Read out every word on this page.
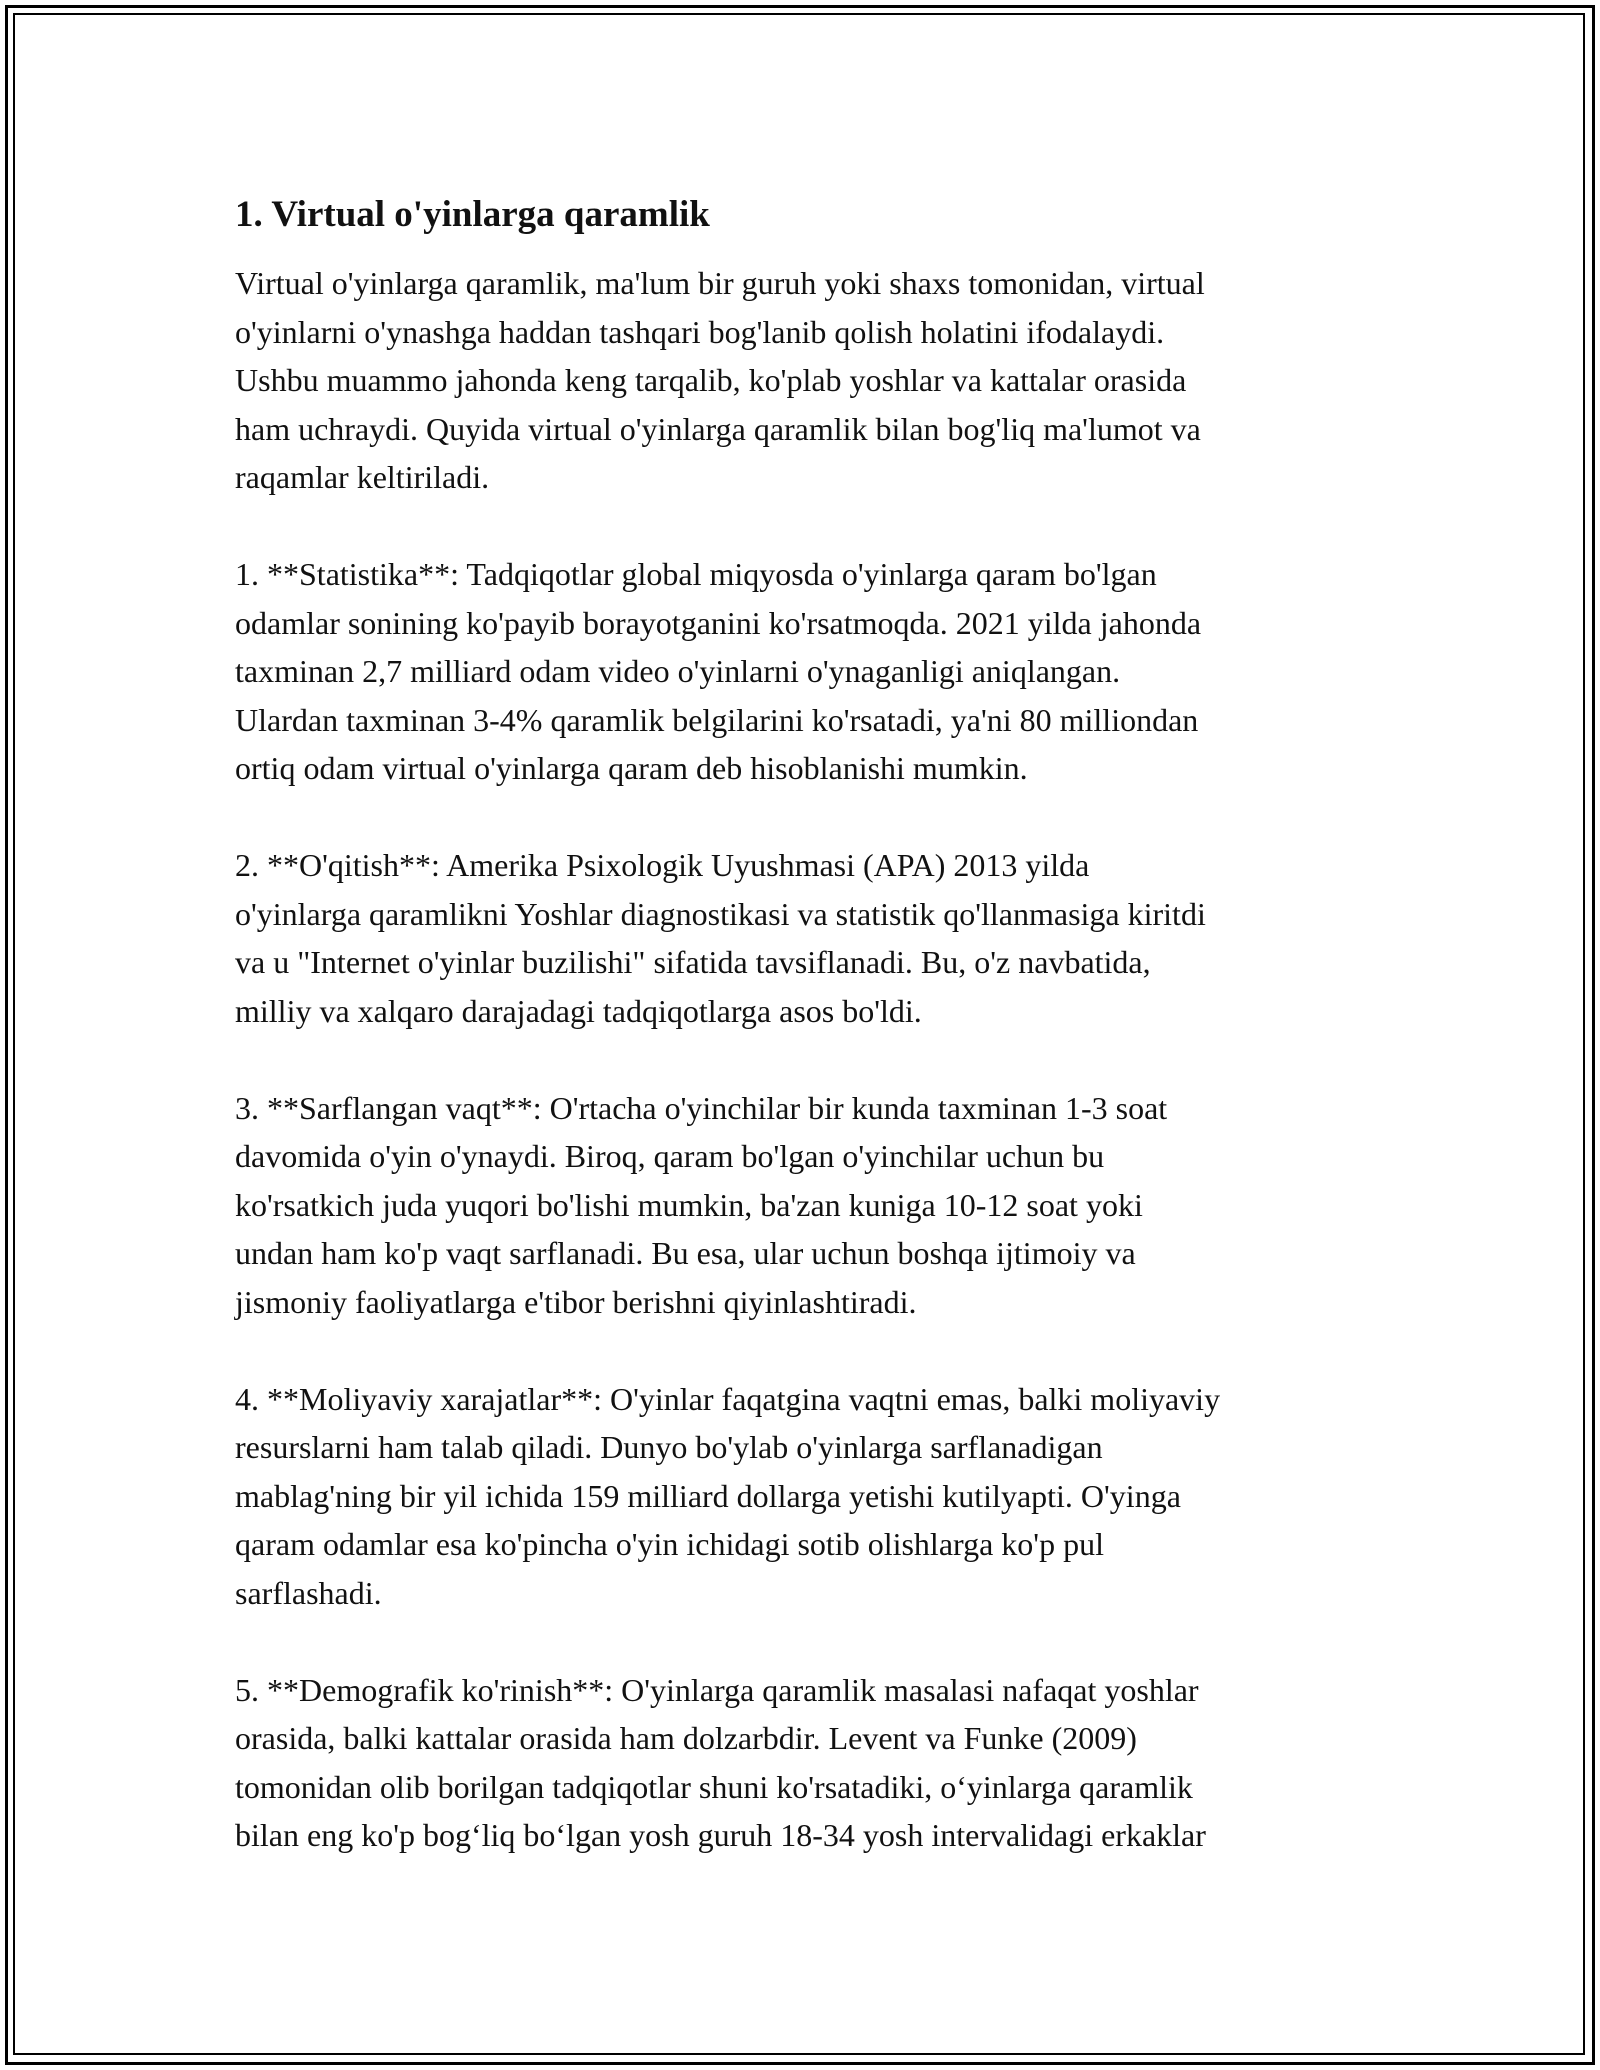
1. Virtual o'yinlarga qaramlik
Virtual o'yinlarga qaramlik, ma'lum bir guruh yoki shaxs tomonidan, virtual
o'yinlarni o'ynashga haddan tashqari bog'lanib qolish holatini ifodalaydi.
Ushbu muammo jahonda keng tarqalib, ko'plab yoshlar va kattalar orasida
ham uchraydi. Quyida virtual o'yinlarga qaramlik bilan bog'liq ma'lumot va
raqamlar keltiriladi.
1. **Statistika**: Tadqiqotlar global miqyosda o'yinlarga qaram bo'lgan
odamlar sonining ko'payib borayotganini ko'rsatmoqda. 2021 yilda jahonda
taxminan 2,7 milliard odam video o'yinlarni o'ynaganligi aniqlangan.
Ulardan taxminan 3-4% qaramlik belgilarini ko'rsatadi, ya'ni 80 milliondan
ortiq odam virtual o'yinlarga qaram deb hisoblanishi mumkin.
2. **O'qitish**: Amerika Psixologik Uyushmasi (APA) 2013 yilda
o'yinlarga qaramlikni Yoshlar diagnostikasi va statistik qo'llanmasiga kiritdi
va u "Internet o'yinlar buzilishi" sifatida tavsiflanadi. Bu, o'z navbatida,
milliy va xalqaro darajadagi tadqiqotlarga asos bo'ldi.
3. **Sarflangan vaqt**: O'rtacha o'yinchilar bir kunda taxminan 1-3 soat
davomida o'yin o'ynaydi. Biroq, qaram bo'lgan o'yinchilar uchun bu
ko'rsatkich juda yuqori bo'lishi mumkin, ba'zan kuniga 10-12 soat yoki
undan ham ko'p vaqt sarflanadi. Bu esa, ular uchun boshqa ijtimoiy va
jismoniy faoliyatlarga e'tibor berishni qiyinlashtiradi.
4. **Moliyaviy xarajatlar**: O'yinlar faqatgina vaqtni emas, balki moliyaviy
resurslarni ham talab qiladi. Dunyo bo'ylab o'yinlarga sarflanadigan
mablag'ning bir yil ichida 159 milliard dollarga yetishi kutilyapti. O'yinga
qaram odamlar esa ko'pincha o'yin ichidagi sotib olishlarga ko'p pul
sarflashadi.
5. **Demografik ko'rinish**: O'yinlarga qaramlik masalasi nafaqat yoshlar
orasida, balki kattalar orasida ham dolzarbdir. Levent va Funke (2009)
tomonidan olib borilgan tadqiqotlar shuni ko'rsatadiki, o‘yinlarga qaramlik
bilan eng ko'p bog‘liq bo‘lgan yosh guruh 18-34 yosh intervalidagi erkaklar
